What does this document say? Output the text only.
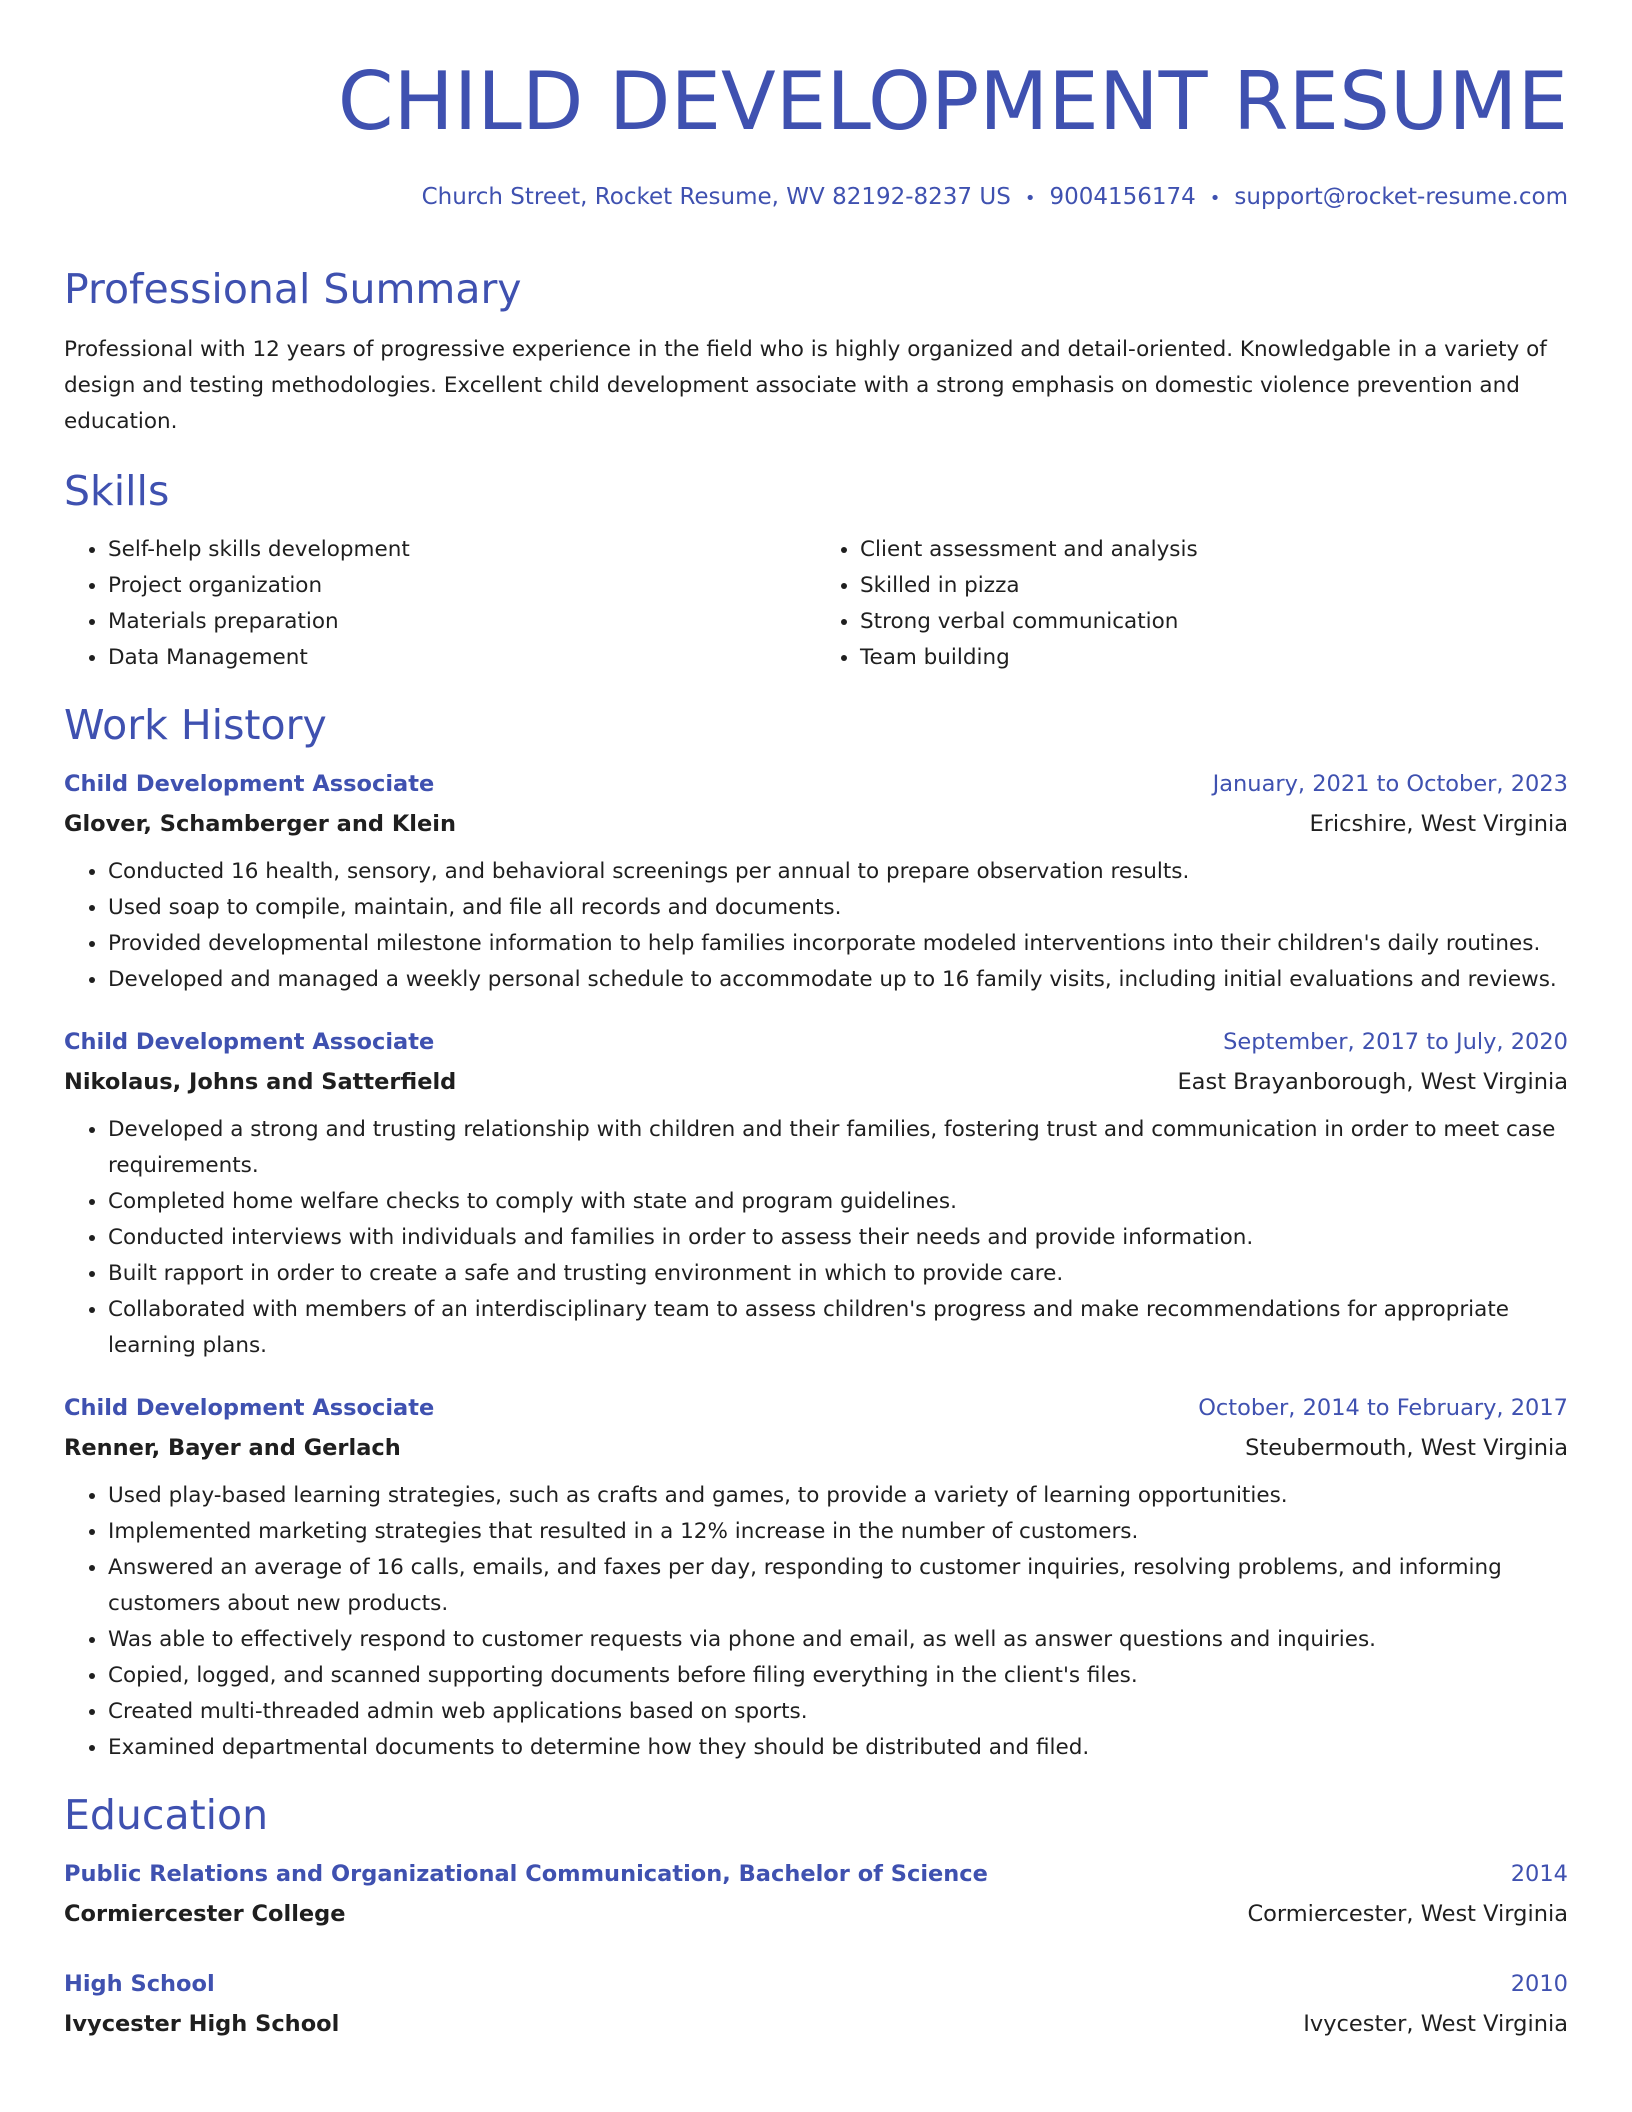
CHILD DEVELOPMENT RESUME
Church Street, Rocket Resume, WV 82192-8237 US • 9004156174 • support@rocket-resume.com
Professional Summary

Professional with 12 years of progressive experience in the field who is highly organized and detail-oriented. Knowledgable in a variety of design and testing methodologies. Excellent child development associate with a strong emphasis on domestic violence prevention and education.

Skills
• Self-help skills development
• Project organization
• Materials preparation
• Data Management
• Client assessment and analysis
• Skilled in pizza
• Strong verbal communication
• Team building
Work History
Child Development Associate	January, 2021 to October, 2023
Glover, Schamberger and Klein	Ericshire, West Virginia
• Conducted 16 health, sensory, and behavioral screenings per annual to prepare observation results.
• Used soap to compile, maintain, and file all records and documents.
• Provided developmental milestone information to help families incorporate modeled interventions into their children's daily routines.
• Developed and managed a weekly personal schedule to accommodate up to 16 family visits, including initial evaluations and reviews.
Child Development Associate	September, 2017 to July, 2020
Nikolaus, Johns and Satterfield	East Brayanborough, West Virginia
• Developed a strong and trusting relationship with children and their families, fostering trust and communication in order to meet case requirements.
• Completed home welfare checks to comply with state and program guidelines.
• Conducted interviews with individuals and families in order to assess their needs and provide information.
• Built rapport in order to create a safe and trusting environment in which to provide care.
• Collaborated with members of an interdisciplinary team to assess children's progress and make recommendations for appropriate learning plans.
Child Development Associate	October, 2014 to February, 2017
Renner, Bayer and Gerlach	Steubermouth, West Virginia
• Used play-based learning strategies, such as crafts and games, to provide a variety of learning opportunities.
• Implemented marketing strategies that resulted in a 12% increase in the number of customers.
• Answered an average of 16 calls, emails, and faxes per day, responding to customer inquiries, resolving problems, and informing customers about new products.
• Was able to effectively respond to customer requests via phone and email, as well as answer questions and inquiries.
• Copied, logged, and scanned supporting documents before filing everything in the client's files.
• Created multi-threaded admin web applications based on sports.
• Examined departmental documents to determine how they should be distributed and filed.
Education
Public Relations and Organizational Communication, Bachelor of Science	2014
Cormiercester College	Cormiercester, West Virginia
High School	2010
Ivycester High School	Ivycester, West Virginia
